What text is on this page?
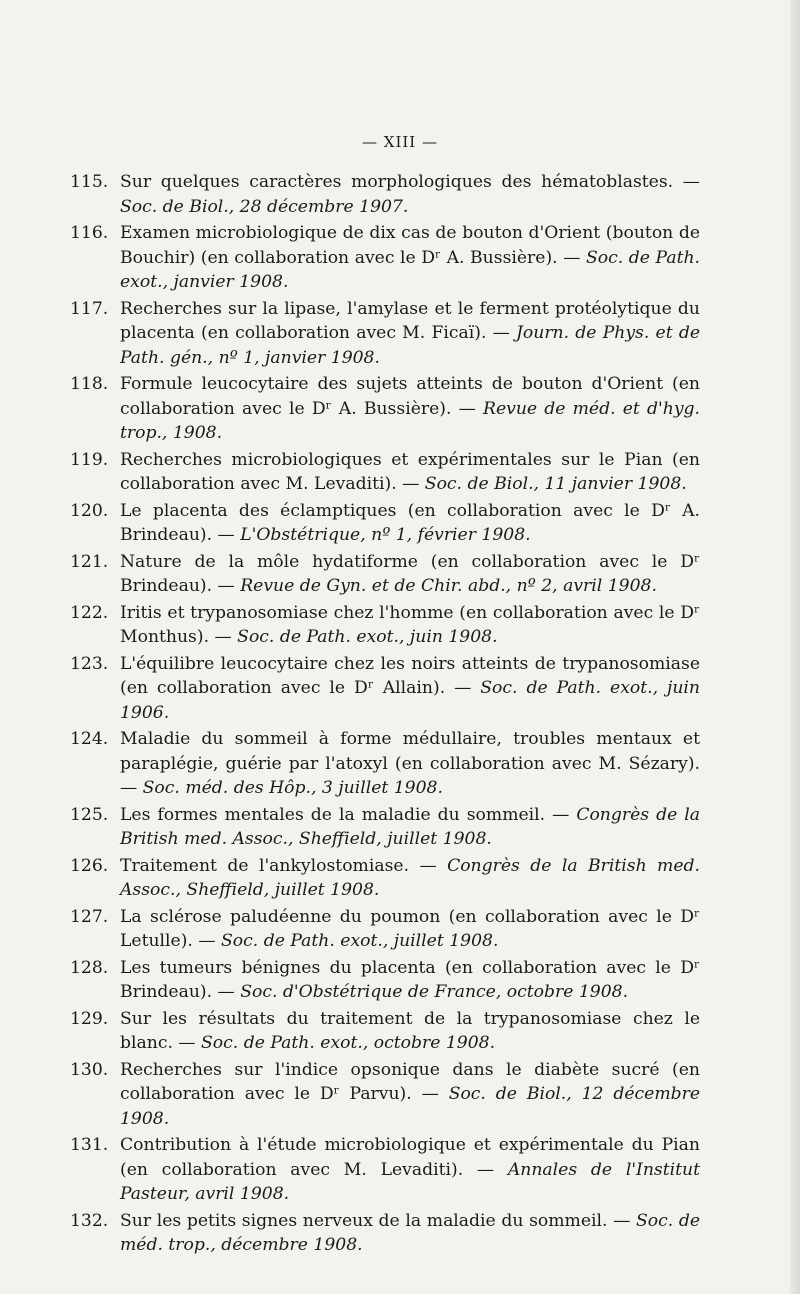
— XIII —
115. Sur quelques caractères morphologiques des hématoblastes. — Soc. de Biol., 28 décembre 1907.
116. Examen microbiologique de dix cas de bouton d'Orient (bouton de Bouchir) (en collaboration avec le Dʳ A. Bussière). — Soc. de Path. exot., janvier 1908.
117. Recherches sur la lipase, l'amylase et le ferment protéolytique du placenta (en collaboration avec M. Ficaï). — Journ. de Phys. et de Path. gén., nº 1, janvier 1908.
118. Formule leucocytaire des sujets atteints de bouton d'Orient (en collaboration avec le Dʳ A. Bussière). — Revue de méd. et d'hyg. trop., 1908.
119. Recherches microbiologiques et expérimentales sur le Pian (en collaboration avec M. Levaditi). — Soc. de Biol., 11 janvier 1908.
120. Le placenta des éclamptiques (en collaboration avec le Dʳ A. Brindeau). — L'Obstétrique, nº 1, février 1908.
121. Nature de la môle hydatiforme (en collaboration avec le Dʳ Brindeau). — Revue de Gyn. et de Chir. abd., nº 2, avril 1908.
122. Iritis et trypanosomiase chez l'homme (en collaboration avec le Dʳ Monthus). — Soc. de Path. exot., juin 1908.
123. L'équilibre leucocytaire chez les noirs atteints de trypanosomiase (en collaboration avec le Dʳ Allain). — Soc. de Path. exot., juin 1906.
124. Maladie du sommeil à forme médullaire, troubles mentaux et paraplégie, guérie par l'atoxyl (en collaboration avec M. Sézary). — Soc. méd. des Hôp., 3 juillet 1908.
125. Les formes mentales de la maladie du sommeil. — Congrès de la British med. Assoc., Sheffield, juillet 1908.
126. Traitement de l'ankylostomiase. — Congrès de la British med. Assoc., Sheffield, juillet 1908.
127. La sclérose paludéenne du poumon (en collaboration avec le Dʳ Letulle). — Soc. de Path. exot., juillet 1908.
128. Les tumeurs bénignes du placenta (en collaboration avec le Dʳ Brindeau). — Soc. d'Obstétrique de France, octobre 1908.
129. Sur les résultats du traitement de la trypanosomiase chez le blanc. — Soc. de Path. exot., octobre 1908.
130. Recherches sur l'indice opsonique dans le diabète sucré (en collaboration avec le Dʳ Parvu). — Soc. de Biol., 12 décembre 1908.
131. Contribution à l'étude microbiologique et expérimentale du Pian (en collaboration avec M. Levaditi). — Annales de l'Institut Pasteur, avril 1908.
132. Sur les petits signes nerveux de la maladie du sommeil. — Soc. de méd. trop., décembre 1908.
